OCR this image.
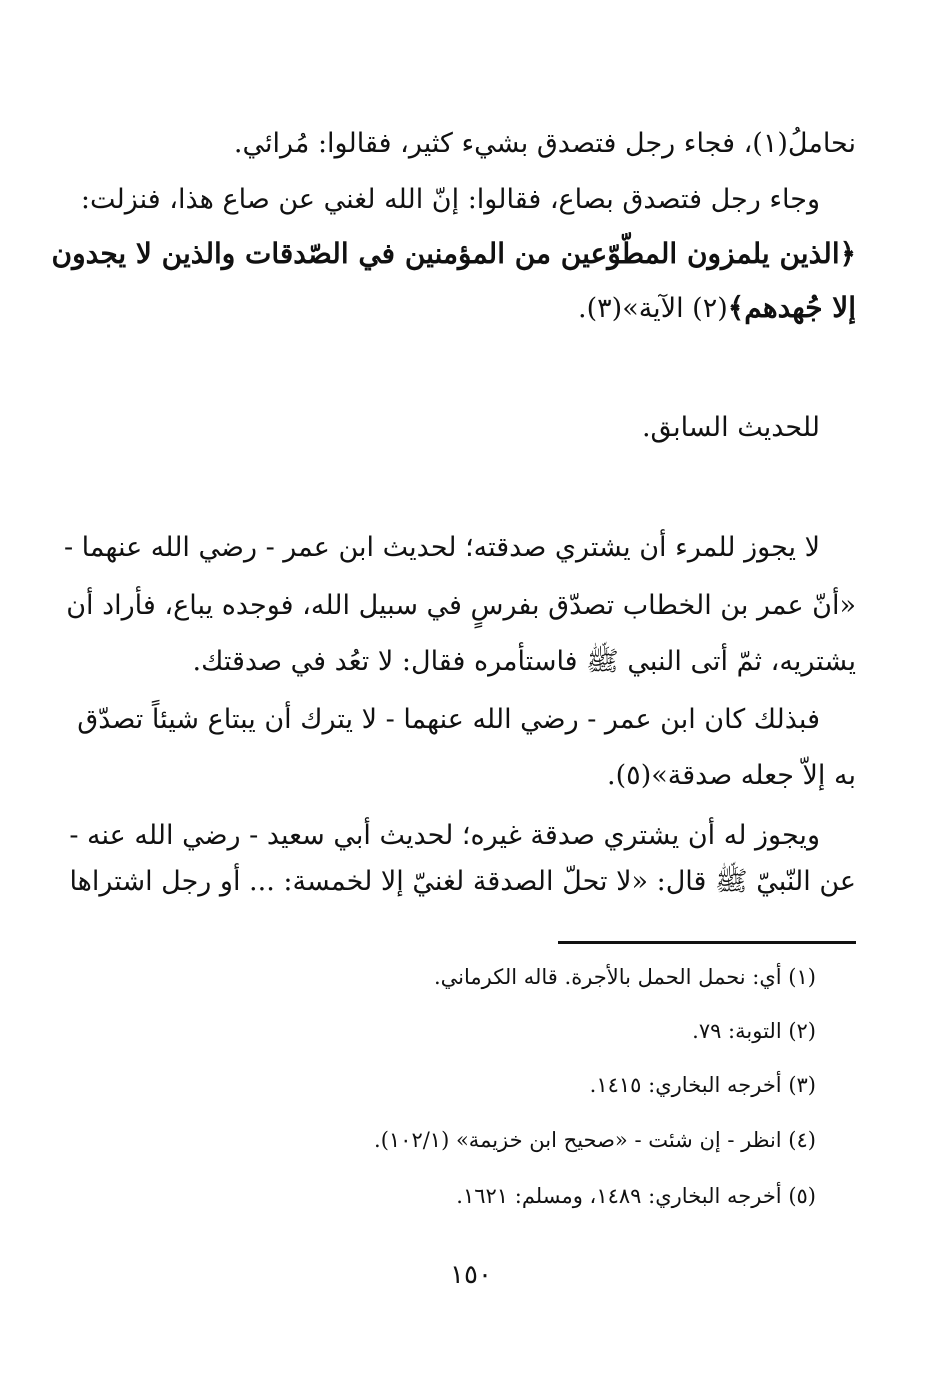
نحاملُ(١)، فجاء رجل فتصدق بشيء كثير، فقالوا: مُرائي.
وجاء رجل فتصدق بصاع، فقالوا: إنّ الله لغني عن صاع هذا، فنزلت:
﴿الذين يلمزون المطّوّعين من المؤمنين في الصّدقات والذين لا يجدون
إلا جُهدهم﴾(٢) الآية»(٣).
للحديث السابق.
لا يجوز للمرء أن يشتري صدقته؛ لحديث ابن عمر - رضي الله عنهما -
«أنّ عمر بن الخطاب تصدّق بفرسٍ في سبيل الله، فوجده يباع، فأراد أن
يشتريه، ثمّ أتى النبي ﷺ فاستأمره فقال: لا تعُد في صدقتك.
فبذلك كان ابن عمر - رضي الله عنهما - لا يترك أن يبتاع شيئاً تصدّق
به إلاّ جعله صدقة»(٥).
ويجوز له أن يشتري صدقة غيره؛ لحديث أبي سعيد - رضي الله عنه -
عن النّبيّ ﷺ قال: «لا تحلّ الصدقة لغنيّ إلا لخمسة: ... أو رجل اشتراها
(١) أي: نحمل الحمل بالأجرة. قاله الكرماني.
(٢) التوبة: ٧٩.
(٣) أخرجه البخاري: ١٤١٥.
(٤) انظر - إن شئت - «صحيح ابن خزيمة» (١٠٢/١).
(٥) أخرجه البخاري: ١٤٨٩، ومسلم: ١٦٢١.
١٥٠
